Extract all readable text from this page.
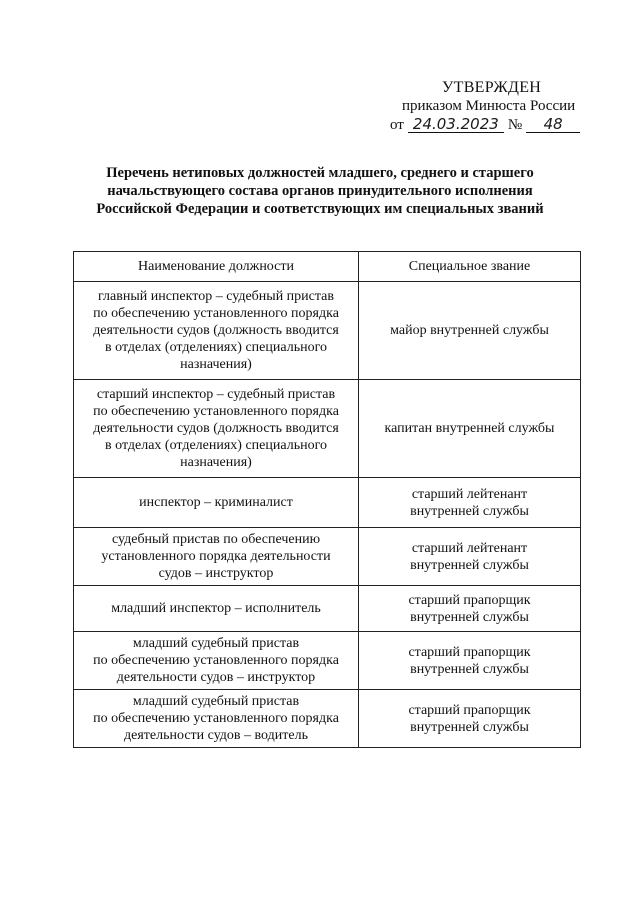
УТВЕРЖДЕН
приказом Минюста России
от 24.03.2023 №	48
Перечень нетиповых должностей младшего, среднего и старшего
начальствующего состава органов принудительного исполнения
Российской Федерации и соответствующих им специальных званий
Наименование должности	Специальное звание

главный инспектор – судебный пристав
по обеспечению установленного порядка
деятельности судов (должность вводится
в отделах (отделениях) специального
назначения)	майор внутренней службы

старший инспектор – судебный пристав
по обеспечению установленного порядка
деятельности судов (должность вводится
в отделах (отделениях) специального
назначения)	капитан внутренней службы

инспектор – криминалист	старший лейтенант
внутренней службы

судебный пристав по обеспечению
установленного порядка деятельности
судов – инструктор	старший лейтенант
внутренней службы

младший инспектор – исполнитель	старший прапорщик
внутренней службы

младший судебный пристав
по обеспечению установленного порядка
деятельности судов – инструктор	старший прапорщик
внутренней службы

младший судебный пристав
по обеспечению установленного порядка
деятельности судов – водитель	старший прапорщик
внутренней службы
